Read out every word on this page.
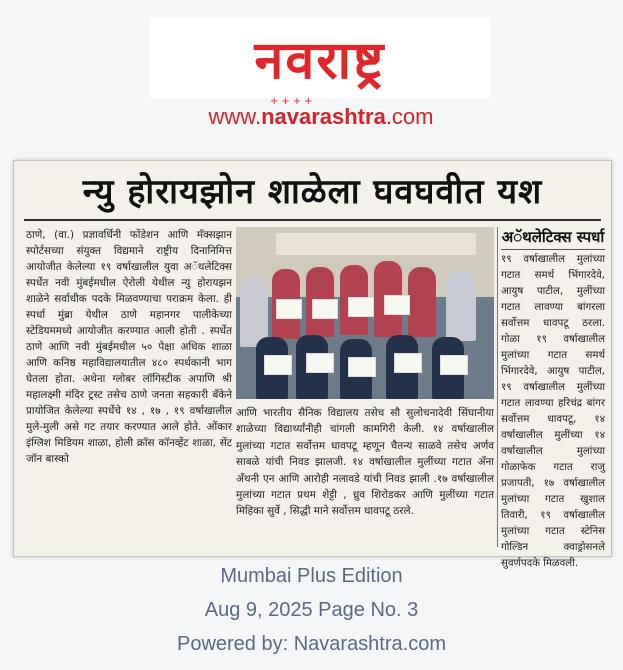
नवराष्ट्र
++++
www.navarashtra.com
न्यु होरायझोन शाळेला घवघवीत यश
ठाणे, (वा.) प्रज्ञावर्धिनी फोंडेशन आणि मॅक्सझान स्पोर्टसच्या संयुक्त विद्यमाने राष्ट्रीय दिनानिमित्त आयोजीत केलेल्या १९ वर्षाखालील युवा अॅथलेटिक्स स्पर्धेत नवी मुंबईमधील ऐरोली येथील न्यु होरायझन शाळेने सर्वाधीक पदके मिळवण्याचा पराक्रम केला. ही स्पर्धा मुंब्रा येथील ठाणे महानगर पालीकेच्या स्टेडियममध्ये आयोजीत करण्यात आली होती . स्पर्धेत ठाणे आणि नवी मुंबईमधील ५० पेक्षा अधिक शाळा आणि कनिष्ठ महाविद्यालयातील ४८० स्पर्धकानी भाग घेतला होता. अथेना ग्लोबर लॉगिस्टीक अपाणि श्री महालक्ष्मी मंदिर ट्रस्ट तसेच ठाणे जनता सहकारी बँकेने प्रायोजित केलेल्या स्पर्धेचे १४ , १७ , १९ वर्षाखालील मुले-मुली असे गट तयार करण्यात आले होते. ओंकार इंग्लिश मिडियम शाळा, होली क्रॉस कॉनव्हेंट शाळा, सेंट जॉन बास्को
आणि भारतीय सैनिक विद्यालय तसेच सौ सुलोचनादेवी सिंघानीया शाळेच्या विद्यार्थ्यांनीही चांगली कामगिरी केली. १४ वर्षाखालील मुलांच्या गटात सर्वोत्तम धावपटू म्हणून चैतन्य साळवे तसेच अर्णव साबळे यांची निवड झालजी. १४ वर्षाखालील मुलींच्या गटात अँना अँथनी एन आणि आरोही नलावडे यांची निवड झाली .१७ वर्षाखालील मुलांच्या गटात प्रथम शेट्टी , ध्रुव शिरोडकर आणि मुलींच्या गटात मिहिका सुर्वे , सिद्धी माने सर्वोत्तम धावपटू ठरले.
अॅथलेटिक्स स्पर्धा

१९ वर्षाखालील मुलांच्या गटात समर्थ भिंगारदेवे, आयुष पाटील, मुलींच्या गटात लावण्या बांगरला सर्वोत्तम धावपटू ठरला. गोळा १९ वर्षाखालील मुलांच्या गटात समर्थ भिंगारदेवे, आयुष पाटील, १९ वर्षाखालील मुलींच्या गटात लावण्या हरिचंद्र बांगर सर्वोत्तम धावपटू, १४ वर्षाखालील मुलींच्या १४ वर्षाखालील मुलांच्या गोळाफेक गटात राजु प्रजापती, १७ वर्षाखालील मुलांच्या गटात खुशाल तिवारी, १९ वर्षाखालील मुलांच्या गटात स्टेनिस गोल्डिन क्वाड्रोसनले सुवर्णपदके मिळवली.

Mumbai Plus Edition
Aug 9, 2025 Page No. 3
Powered by: Navarashtra.com
